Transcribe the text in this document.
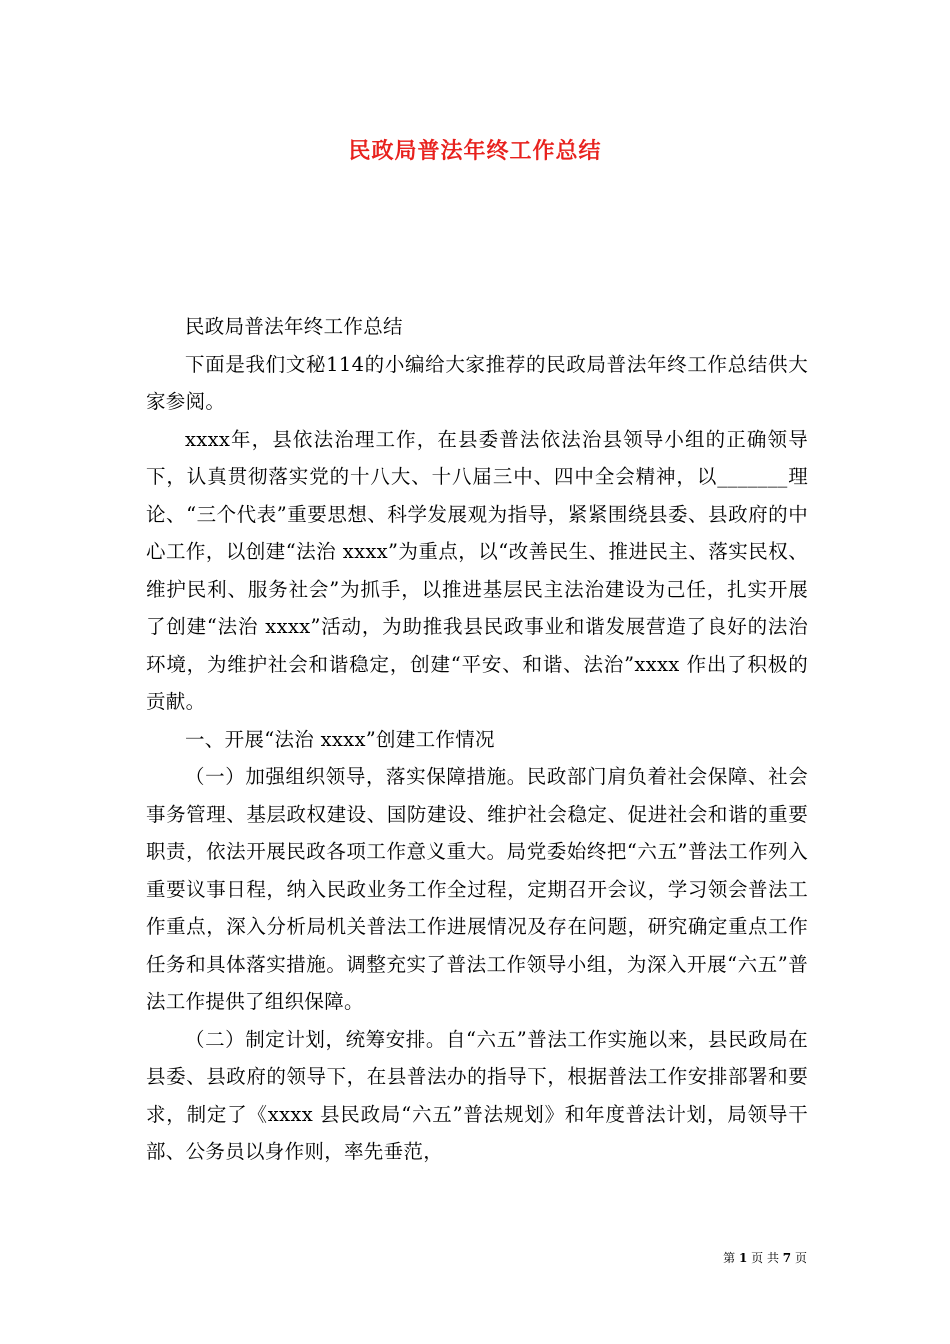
民政局普法年终工作总结

民政局普法年终工作总结

下面是我们文秘114的小编给大家推荐的民政局普法年终工作总结供大家参阅。

xxxx年，县依法治理工作，在县委普法依法治县领导小组的正确领导下，认真贯彻落实党的十八大、十八届三中、四中全会精神，以_______理论、“三个代表”重要思想、科学发展观为指导，紧紧围绕县委、县政府的中心工作，以创建“法治 xxxx”为重点，以“改善民生、推进民主、落实民权、维护民利、服务社会”为抓手，以推进基层民主法治建设为己任，扎实开展了创建“法治 xxxx”活动，为助推我县民政事业和谐发展营造了良好的法治环境，为维护社会和谐稳定，创建“平安、和谐、法治”xxxx 作出了积极的贡献。

一、开展“法治 xxxx”创建工作情况

（一）加强组织领导，落实保障措施。民政部门肩负着社会保障、社会事务管理、基层政权建设、国防建设、维护社会稳定、促进社会和谐的重要职责，依法开展民政各项工作意义重大。局党委始终把“六五”普法工作列入重要议事日程，纳入民政业务工作全过程，定期召开会议，学习领会普法工作重点，深入分析局机关普法工作进展情况及存在问题，研究确定重点工作任务和具体落实措施。调整充实了普法工作领导小组，为深入开展“六五”普法工作提供了组织保障。

（二）制定计划，统筹安排。自“六五”普法工作实施以来，县民政局在县委、县政府的领导下，在县普法办的指导下，根据普法工作安排部署和要求，制定了《xxxx 县民政局“六五”普法规划》和年度普法计划，局领导干部、公务员以身作则，率先垂范，

第 1 页 共 7 页
